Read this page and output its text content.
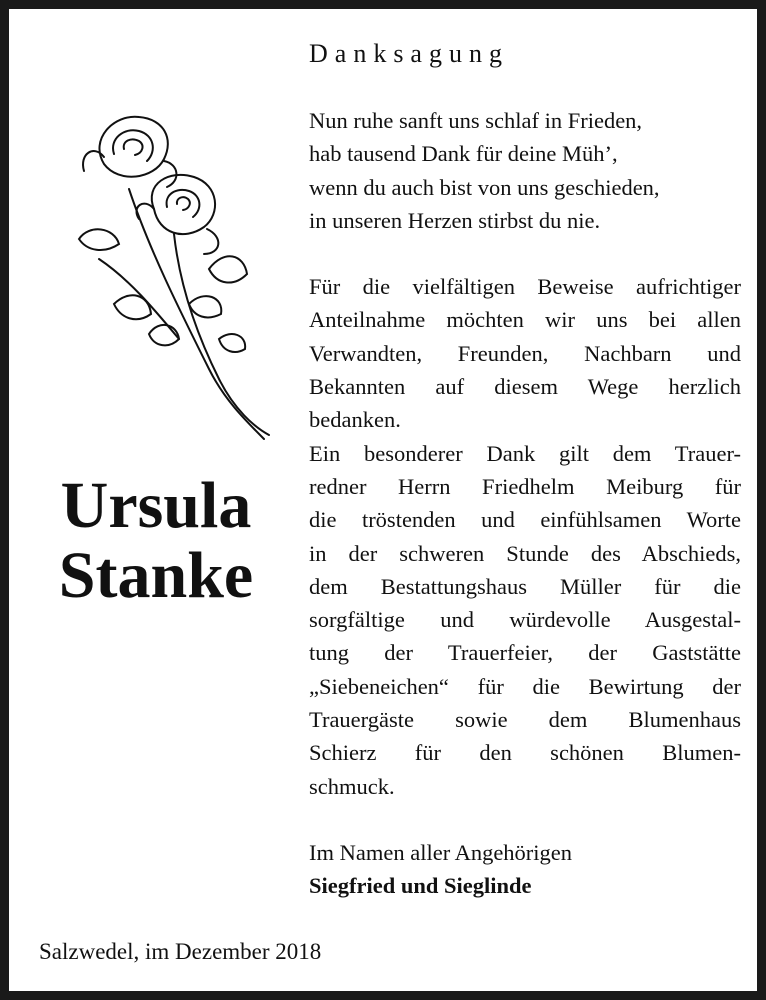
Danksagung
Ursula
Stanke

Nun ruhe sanft uns schlaf in Frieden,
hab tausend Dank für deine Müh’,
wenn du auch bist von uns geschieden,
in unseren Herzen stirbst du nie.

Für die vielfältigen Beweise aufrichtiger
Anteilnahme möchten wir uns bei allen
Verwandten, Freunden, Nachbarn und
Bekannten auf diesem Wege herzlich
bedanken.
Ein besonderer Dank gilt dem Trauer-
redner Herrn Friedhelm Meiburg für
die tröstenden und einfühlsamen Worte
in der schweren Stunde des Abschieds,
dem Bestattungshaus Müller für die
sorgfältige und würdevolle Ausgestal-
tung der Trauerfeier, der Gaststätte
„Siebeneichen“ für die Bewirtung der
Trauergäste sowie dem Blumenhaus
Schierz für den schönen Blumen-
schmuck.

Im Namen aller Angehörigen

Siegfried und Sieglinde

Salzwedel, im Dezember 2018
